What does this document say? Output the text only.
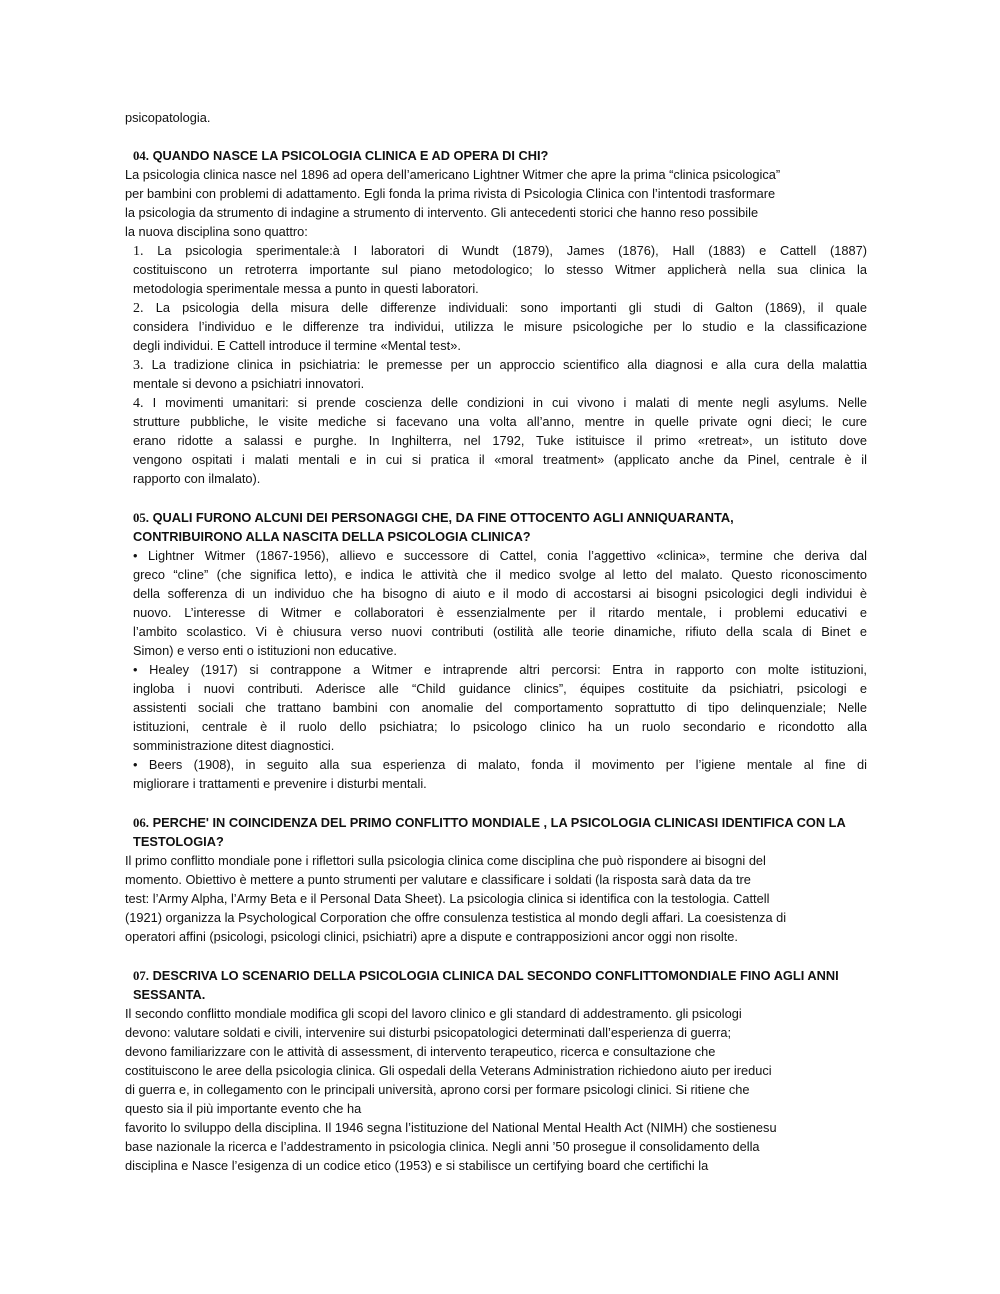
psicopatologia.
04. QUANDO NASCE LA PSICOLOGIA CLINICA E AD OPERA DI CHI?
La psicologia clinica nasce nel 1896 ad opera dell’americano Lightner Witmer che apre la prima “clinica psicologica”
per bambini con problemi di adattamento. Egli fonda la prima rivista di Psicologia Clinica con l’intentodi trasformare
la psicologia da strumento di indagine a strumento di intervento. Gli antecedenti storici che hanno reso possibile
la nuova disciplina sono quattro:
1. La psicologia sperimentale:à I laboratori di Wundt (1879), James (1876), Hall (1883) e Cattell (1887)
costituiscono un retroterra importante sul piano metodologico; lo stesso Witmer applicherà nella sua clinica la
metodologia sperimentale messa a punto in questi laboratori.
2. La psicologia della misura delle differenze individuali: sono importanti gli studi di Galton (1869), il quale
considera l’individuo e le differenze tra individui, utilizza le misure psicologiche per lo studio e la classificazione
degli individui. E Cattell introduce il termine «Mental test».
3. La tradizione clinica in psichiatria: le premesse per un approccio scientifico alla diagnosi e alla cura della malattia
mentale si devono a psichiatri innovatori.
4. I movimenti umanitari: si prende coscienza delle condizioni in cui vivono i malati di mente negli asylums. Nelle
strutture pubbliche, le visite mediche si facevano una volta all’anno, mentre in quelle private ogni dieci; le cure
erano ridotte a salassi e purghe. In Inghilterra, nel 1792, Tuke istituisce il primo «retreat», un istituto dove
vengono ospitati i malati mentali e in cui si pratica il «moral treatment» (applicato anche da Pinel, centrale è il
rapporto con ilmalato).
05. QUALI FURONO ALCUNI DEI PERSONAGGI CHE, DA FINE OTTOCENTO AGLI ANNIQUARANTA,
CONTRIBUIRONO ALLA NASCITA DELLA PSICOLOGIA CLINICA?
• Lightner Witmer (1867-1956), allievo e successore di Cattel, conia l’aggettivo «clinica», termine che deriva dal
greco “cline” (che significa letto), e indica le attività che il medico svolge al letto del malato. Questo riconoscimento
della sofferenza di un individuo che ha bisogno di aiuto e il modo di accostarsi ai bisogni psicologici degli individui è
nuovo. L’interesse di Witmer e collaboratori è essenzialmente per il ritardo mentale, i problemi educativi e
l’ambito scolastico. Vi è chiusura verso nuovi contributi (ostilità alle teorie dinamiche, rifiuto della scala di Binet e
Simon) e verso enti o istituzioni non educative.
• Healey (1917) si contrappone a Witmer e intraprende altri percorsi: Entra in rapporto con molte istituzioni,
ingloba i nuovi contributi. Aderisce alle “Child guidance clinics”, équipes costituite da psichiatri, psicologi e
assistenti sociali che trattano bambini con anomalie del comportamento soprattutto di tipo delinquenziale; Nelle
istituzioni, centrale è il ruolo dello psichiatra; lo psicologo clinico ha un ruolo secondario e ricondotto alla
somministrazione ditest diagnostici.
• Beers (1908), in seguito alla sua esperienza di malato, fonda il movimento per l’igiene mentale al fine di
migliorare i trattamenti e prevenire i disturbi mentali.
06. PERCHE' IN COINCIDENZA DEL PRIMO CONFLITTO MONDIALE , LA PSICOLOGIA CLINICASI IDENTIFICA CON LA
TESTOLOGIA?
Il primo conflitto mondiale pone i riflettori sulla psicologia clinica come disciplina che può rispondere ai bisogni del
momento. Obiettivo è mettere a punto strumenti per valutare e classificare i soldati (la risposta sarà data da tre
test: l’Army Alpha, l’Army Beta e il Personal Data Sheet). La psicologia clinica si identifica con la testologia. Cattell
(1921) organizza la Psychological Corporation che offre consulenza testistica al mondo degli affari. La coesistenza di
operatori affini (psicologi, psicologi clinici, psichiatri) apre a dispute e contrapposizioni ancor oggi non risolte.
07. DESCRIVA LO SCENARIO DELLA PSICOLOGIA CLINICA DAL SECONDO CONFLITTOMONDIALE FINO AGLI ANNI
SESSANTA.
Il secondo conflitto mondiale modifica gli scopi del lavoro clinico e gli standard di addestramento. gli psicologi
devono: valutare soldati e civili, intervenire sui disturbi psicopatologici determinati dall’esperienza di guerra;
devono familiarizzare con le attività di assessment, di intervento terapeutico, ricerca e consultazione che
costituiscono le aree della psicologia clinica. Gli ospedali della Veterans Administration richiedono aiuto per ireduci
di guerra e, in collegamento con le principali università, aprono corsi per formare psicologi clinici. Si ritiene che
questo sia il più importante evento che ha
favorito lo sviluppo della disciplina. Il 1946 segna l’istituzione del National Mental Health Act (NIMH) che sostienesu
base nazionale la ricerca e l’addestramento in psicologia clinica. Negli anni ’50 prosegue il consolidamento della
disciplina e Nasce l’esigenza di un codice etico (1953) e si stabilisce un certifying board che certifichi la
